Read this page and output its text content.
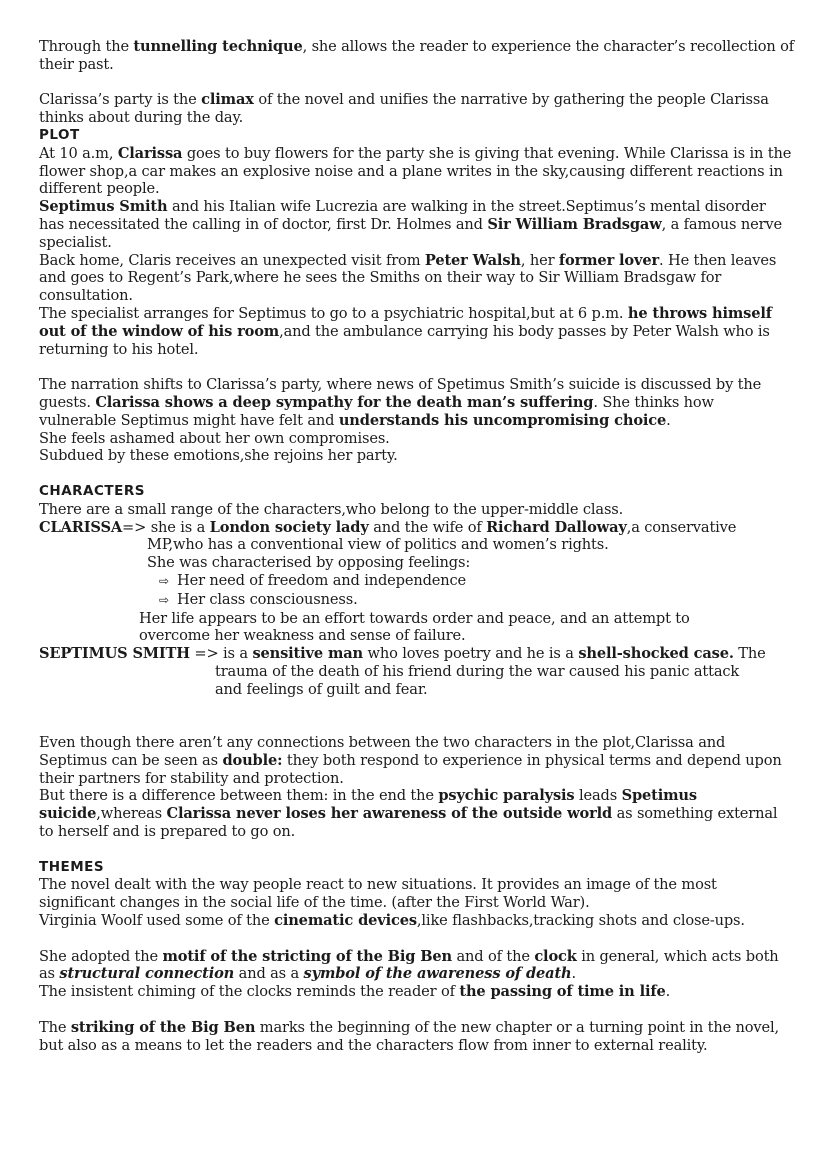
Through the tunnelling technique, she allows the reader to experience the character’s recollection of their past.

Clarissa’s party is the climax of the novel and unifies the narrative by gathering the people Clarissa thinks about during the day.

PLOT

At 10 a.m, Clarissa goes to buy flowers for the party she is giving that evening. While Clarissa is in the flower shop,a car makes an explosive noise and a plane writes in the sky,causing different reactions in different people.

Septimus Smith and his Italian wife Lucrezia are walking in the street.Septimus’s mental disorder has necessitated the calling in of doctor, first Dr. Holmes and Sir William Bradsgaw, a famous nerve specialist.

Back home, Claris receives an unexpected visit from Peter Walsh, her former lover. He then leaves and goes to Regent’s Park,where he sees the Smiths on their way to Sir William Bradsgaw for consultation.

The specialist arranges for Septimus to go to a psychiatric hospital,but at 6 p.m. he throws himself out of the window of his room,and the ambulance carrying his body passes by Peter Walsh who is returning to his hotel.

The narration shifts to Clarissa’s party, where news of Spetimus Smith’s suicide is discussed by the guests. Clarissa shows a deep sympathy for the death man’s suffering. She thinks how vulnerable Septimus might have felt and understands his uncompromising choice.

She feels ashamed about her own compromises.

Subdued by these emotions,she rejoins her party.

CHARACTERS

There are a small range of the characters,who belong to the upper-middle class.

CLARISSA=> she is a London society lady and the wife of Richard Dalloway,a conservative

MP,who has a conventional view of politics and women’s rights.

She was characterised by opposing feelings:

⇨ Her need of freedom and independence

⇨ Her class consciousness.

Her life appears to be an effort towards order and peace, and an attempt to

overcome her weakness and sense of failure.

SEPTIMUS SMITH => is a sensitive man who loves poetry and he is a shell-shocked case. The

trauma of the death of his friend during the war caused his panic attack

and feelings of guilt and fear.

Even though there aren’t any connections between the two characters in the plot,Clarissa and Septimus can be seen as double: they both respond to experience in physical terms and depend upon their partners for stability and protection.

But there is a difference between them: in the end the psychic paralysis leads Spetimus suicide,whereas Clarissa never loses her awareness of the outside world as something external to herself and is prepared to go on.

THEMES

The novel dealt with the way people react to new situations. It provides an image of the most significant changes in the social life of the time. (after the First World War).

Virginia Woolf used some of the cinematic devices,like flashbacks,tracking shots and close-ups.

She adopted the motif of the stricting of the Big Ben and of the clock in general, which acts both as structural connection and as a symbol of the awareness of death.

The insistent chiming of the clocks reminds the reader of the passing of time in life.

The striking of the Big Ben marks the beginning of the new chapter or a turning point in the novel, but also as a means to let the readers and the characters flow from inner to external reality.
